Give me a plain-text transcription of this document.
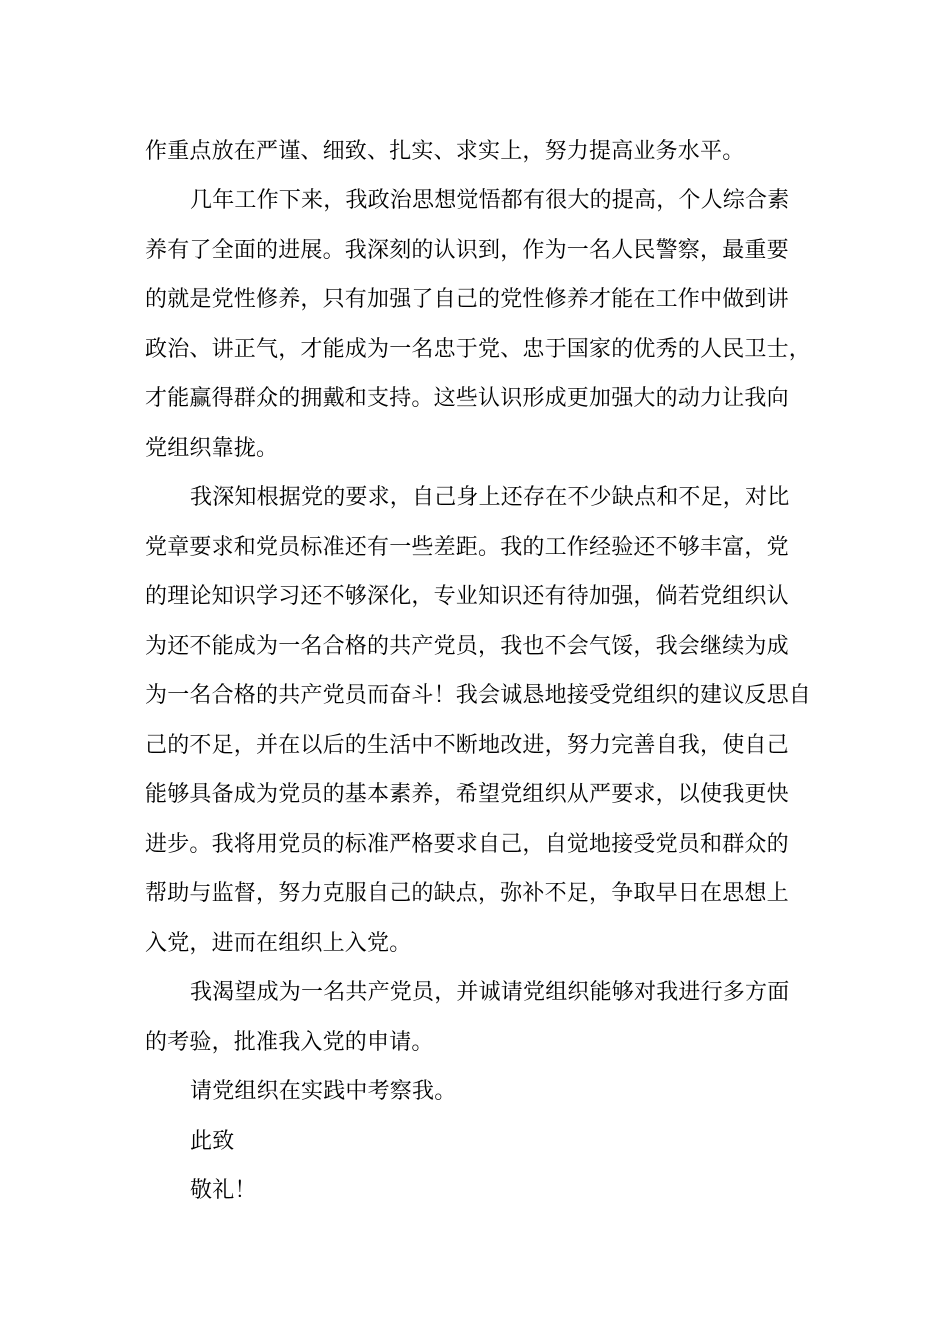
作重点放在严谨、细致、扎实、求实上，努力提高业务水平。
几年工作下来，我政治思想觉悟都有很大的提高，个人综合素
养有了全面的进展。我深刻的认识到，作为一名人民警察，最重要
的就是党性修养，只有加强了自己的党性修养才能在工作中做到讲
政治、讲正气，才能成为一名忠于党、忠于国家的优秀的人民卫士，
才能赢得群众的拥戴和支持。这些认识形成更加强大的动力让我向
党组织靠拢。
我深知根据党的要求，自己身上还存在不少缺点和不足，对比
党章要求和党员标准还有一些差距。我的工作经验还不够丰富，党
的理论知识学习还不够深化，专业知识还有待加强，倘若党组织认
为还不能成为一名合格的共产党员，我也不会气馁，我会继续为成
为一名合格的共产党员而奋斗！我会诚恳地接受党组织的建议反思自
己的不足，并在以后的生活中不断地改进，努力完善自我，使自己
能够具备成为党员的基本素养，希望党组织从严要求，以使我更快
进步。我将用党员的标准严格要求自己，自觉地接受党员和群众的
帮助与监督，努力克服自己的缺点，弥补不足，争取早日在思想上
入党，进而在组织上入党。
我渴望成为一名共产党员，并诚请党组织能够对我进行多方面
的考验，批准我入党的申请。
请党组织在实践中考察我。
此致
敬礼！
